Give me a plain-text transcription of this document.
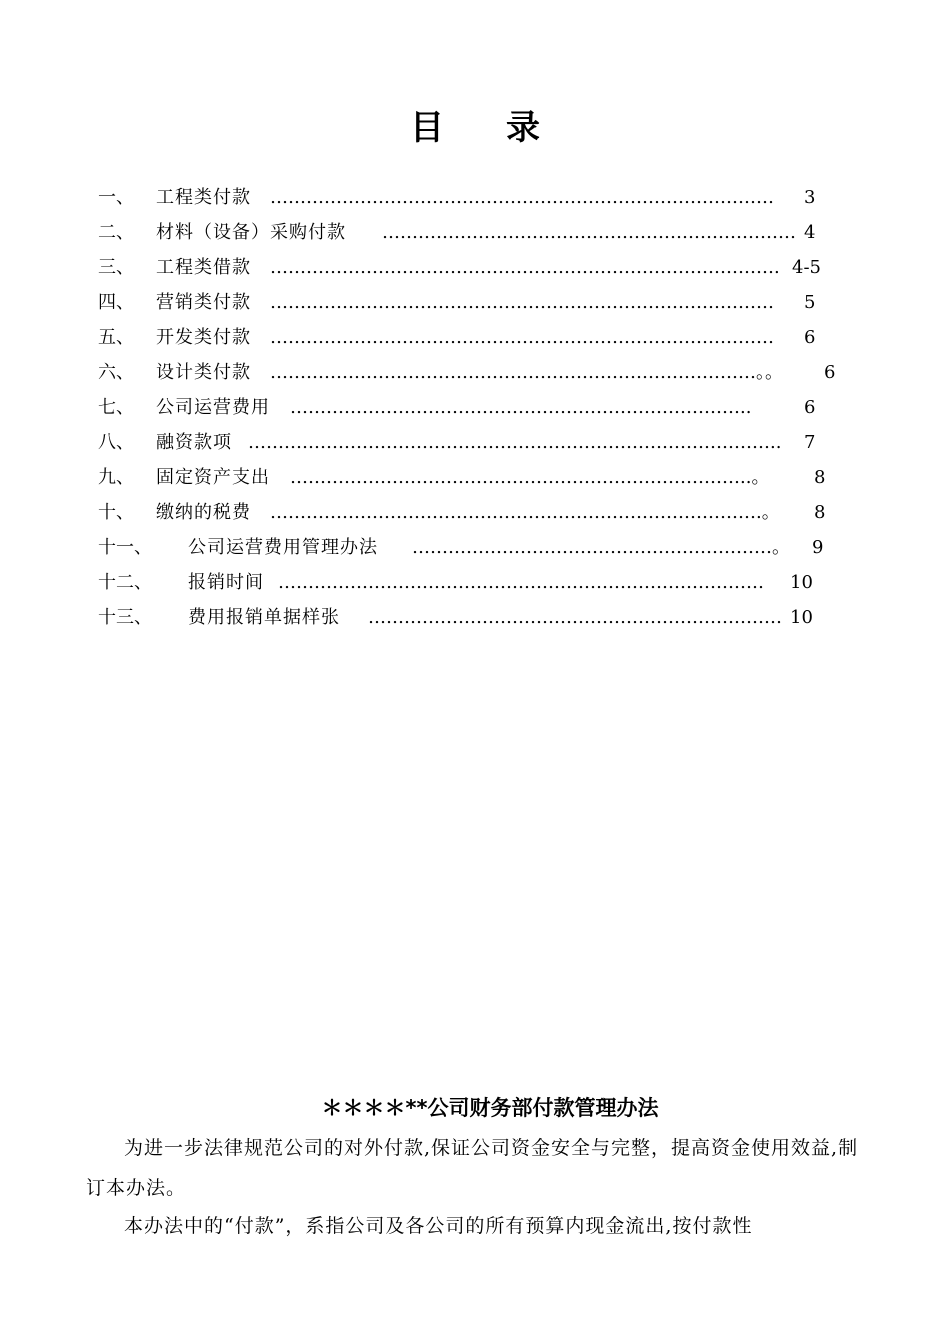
目 录
一、 工程类付款 …………………………………………………………………………	3
二、 材料（设备）采购付款 …………………………………………………………… 4
三、 工程类借款 …………………………………………………………………………. 4-5
四、 营销类付款 …………………………………………………………………………	5
五、 开发类付款 …………………………………………………………………………	6
六、 设计类付款 ………………………………………………………………………。。	6
七、 公司运营费用 …………………………………………………………………..	6
八、 融资款项 ……………………………………………………………………………..	7
九、 固定资产支出 …………………………………………………………………..。	8
十、 缴纳的税费 ……………………………………………………………………….。	8
十一、 公司运营费用管理办法 ……………………………………………………。	9
十二、 报销时间 ………………………………………………………………………	10
十三、 费用报销单据样张 …………………………………………………………… 10
＊＊＊＊**公司财务部付款管理办法

为进一步法律规范公司的对外付款,保证公司资金安全与完整，提高资金使用效益,制订本办法。

本办法中的“付款”，系指公司及各公司的所有预算内现金流出,按付款性
